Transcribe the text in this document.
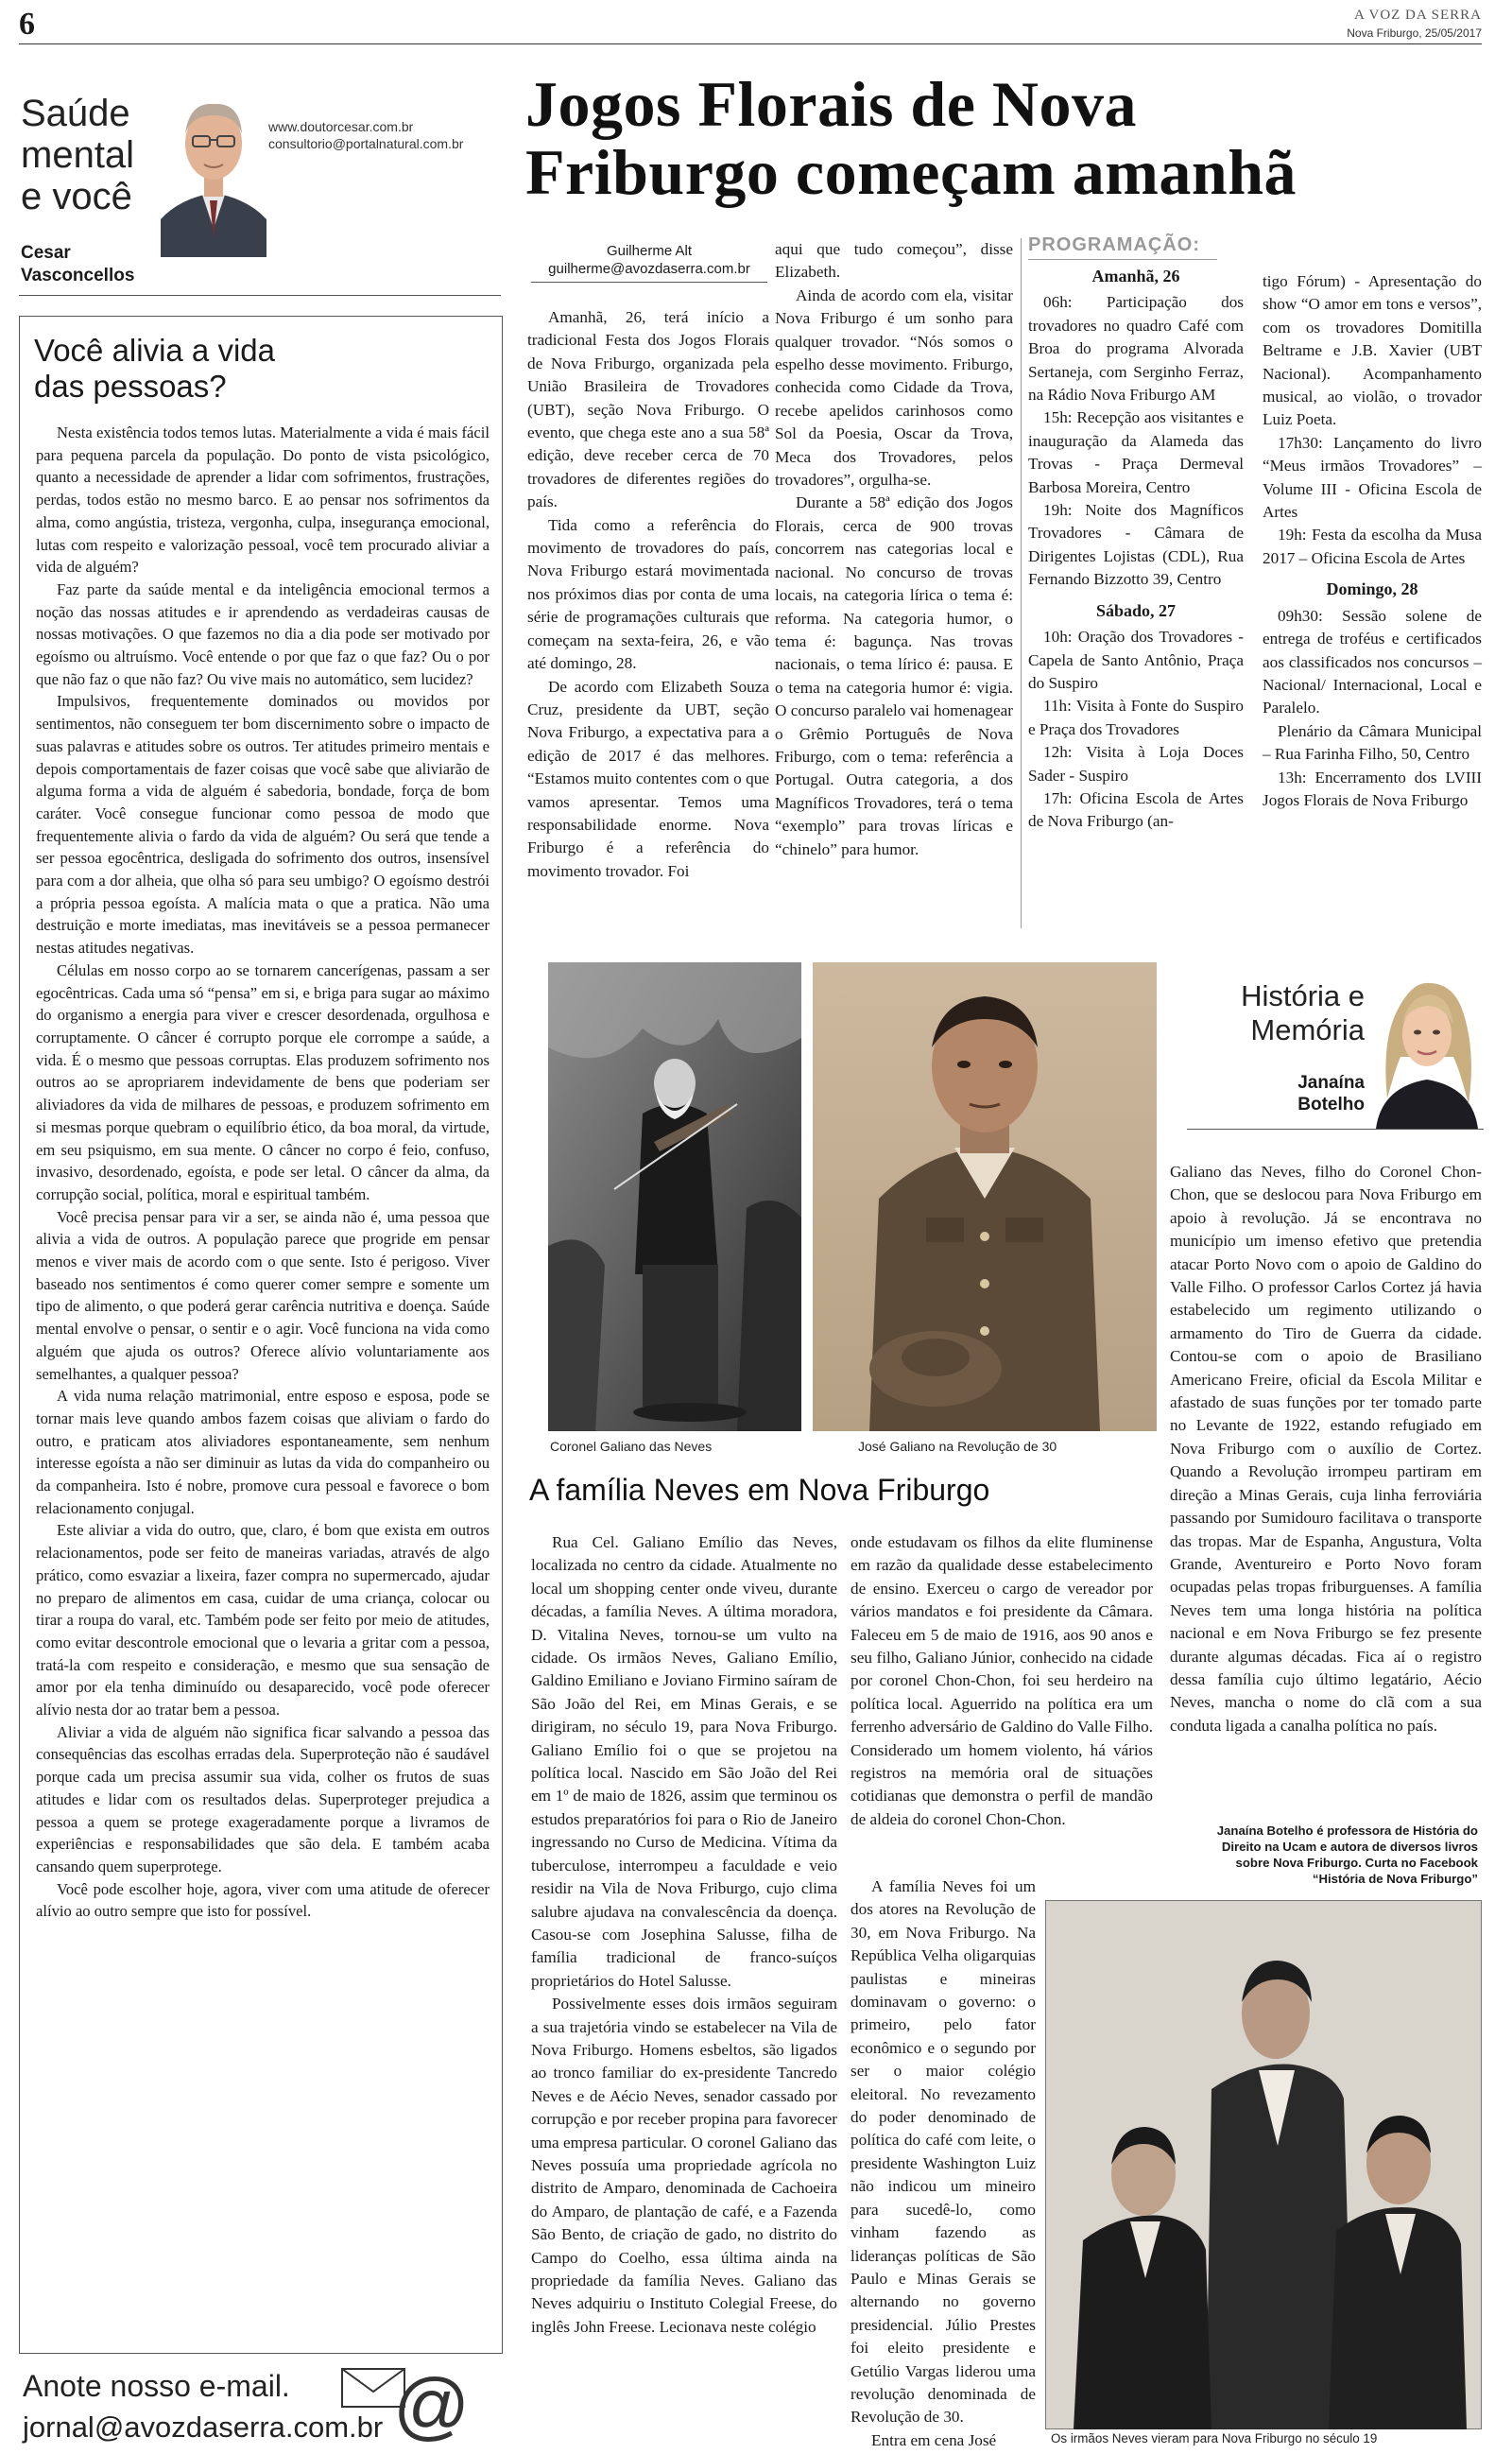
6	A VOZ DA SERRA
Nova Friburgo, 25/05/2017
Saúde
mental
e você
www.doutorcesar.com.br
consultorio@portalnatural.com.br
Cesar
Vasconcellos
Você alivia a vida
das pessoas?

Nesta existência todos temos lutas. Materialmente a vida é mais fácil para pequena parcela da população. Do ponto de vista psicológico, quanto a necessidade de aprender a lidar com sofrimentos, frustrações, perdas, todos estão no mesmo barco. E ao pensar nos sofrimentos da alma, como angústia, tristeza, vergonha, culpa, insegurança emocional, lutas com respeito e valorização pessoal, você tem procurado aliviar a vida de alguém?

Faz parte da saúde mental e da inteligência emocional termos a noção das nossas atitudes e ir aprendendo as verdadeiras causas de nossas motivações. O que fazemos no dia a dia pode ser motivado por egoísmo ou altruísmo. Você entende o por que faz o que faz? Ou o por que não faz o que não faz? Ou vive mais no automático, sem lucidez?

Impulsivos, frequentemente dominados ou movidos por sentimentos, não conseguem ter bom discernimento sobre o impacto de suas palavras e atitudes sobre os outros. Ter atitudes primeiro mentais e depois comportamentais de fazer coisas que você sabe que aliviarão de alguma forma a vida de alguém é sabedoria, bondade, força de bom caráter. Você consegue funcionar como pessoa de modo que frequentemente alivia o fardo da vida de alguém? Ou será que tende a ser pessoa egocêntrica, desligada do sofrimento dos outros, insensível para com a dor alheia, que olha só para seu umbigo? O egoísmo destrói a própria pessoa egoísta. A malícia mata o que a pratica. Não uma destruição e morte imediatas, mas inevitáveis se a pessoa permanecer nestas atitudes negativas.

Células em nosso corpo ao se tornarem cancerígenas, passam a ser egocêntricas. Cada uma só “pensa” em si, e briga para sugar ao máximo do organismo a energia para viver e crescer desordenada, orgulhosa e corruptamente. O câncer é corrupto porque ele corrompe a saúde, a vida. É o mesmo que pessoas corruptas. Elas produzem sofrimento nos outros ao se apropriarem indevidamente de bens que poderiam ser aliviadores da vida de milhares de pessoas, e produzem sofrimento em si mesmas porque quebram o equilíbrio ético, da boa moral, da virtude, em seu psiquismo, em sua mente. O câncer no corpo é feio, confuso, invasivo, desordenado, egoísta, e pode ser letal. O câncer da alma, da corrupção social, política, moral e espiritual também.

Você precisa pensar para vir a ser, se ainda não é, uma pessoa que alivia a vida de outros. A população parece que progride em pensar menos e viver mais de acordo com o que sente. Isto é perigoso. Viver baseado nos sentimentos é como querer comer sempre e somente um tipo de alimento, o que poderá gerar carência nutritiva e doença. Saúde mental envolve o pensar, o sentir e o agir. Você funciona na vida como alguém que ajuda os outros? Oferece alívio voluntariamente aos semelhantes, a qualquer pessoa?

A vida numa relação matrimonial, entre esposo e esposa, pode se tornar mais leve quando ambos fazem coisas que aliviam o fardo do outro, e praticam atos aliviadores espontaneamente, sem nenhum interesse egoísta a não ser diminuir as lutas da vida do companheiro ou da companheira. Isto é nobre, promove cura pessoal e favorece o bom relacionamento conjugal.

Este aliviar a vida do outro, que, claro, é bom que exista em outros relacionamentos, pode ser feito de maneiras variadas, através de algo prático, como esvaziar a lixeira, fazer compra no supermercado, ajudar no preparo de alimentos em casa, cuidar de uma criança, colocar ou tirar a roupa do varal, etc. Também pode ser feito por meio de atitudes, como evitar descontrole emocional que o levaria a gritar com a pessoa, tratá-la com respeito e consideração, e mesmo que sua sensação de amor por ela tenha diminuído ou desaparecido, você pode oferecer alívio nesta dor ao tratar bem a pessoa.

Aliviar a vida de alguém não significa ficar salvando a pessoa das consequências das escolhas erradas dela. Superproteção não é saudável porque cada um precisa assumir sua vida, colher os frutos de suas atitudes e lidar com os resultados delas. Superproteger prejudica a pessoa a quem se protege exageradamente porque a livramos de experiências e responsabilidades que são dela. E também acaba cansando quem superprotege.

Você pode escolher hoje, agora, viver com uma atitude de oferecer alívio ao outro sempre que isto for possível.

Anote nosso e-mail.
jornal@avozdaserra.com.br @
Jogos Florais de Nova
Friburgo começam amanhã
Guilherme Alt
guilherme@avozdaserra.com.br

Amanhã, 26, terá início a tradicional Festa dos Jogos Florais de Nova Friburgo, organizada pela União Brasileira de Trovadores (UBT), seção Nova Friburgo. O evento, que chega este ano a sua 58ª edição, deve receber cerca de 70 trovadores de diferentes regiões do país.

Tida como a referência do movimento de trovadores do país, Nova Friburgo estará movimentada nos próximos dias por conta de uma série de programações culturais que começam na sexta-feira, 26, e vão até domingo, 28.

De acordo com Elizabeth Souza Cruz, presidente da UBT, seção Nova Friburgo, a expectativa para a edição de 2017 é das melhores. “Estamos muito contentes com o que vamos apresentar. Temos uma responsabilidade enorme. Nova Friburgo é a referência do movimento trovador. Foi

aqui que tudo começou”, disse Elizabeth.

Ainda de acordo com ela, visitar Nova Friburgo é um sonho para qualquer trovador. “Nós somos o espelho desse movimento. Friburgo, conhecida como Cidade da Trova, recebe apelidos carinhosos como Sol da Poesia, Oscar da Trova, Meca dos Trovadores, pelos trovadores”, orgulha-se.

Durante a 58ª edição dos Jogos Florais, cerca de 900 trovas concorrem nas categorias local e nacional. No concurso de trovas locais, na categoria lírica o tema é: reforma. Na categoria humor, o tema é: bagunça. Nas trovas nacionais, o tema lírico é: pausa. E o tema na categoria humor é: vigia. O concurso paralelo vai homenagear o Grêmio Português de Nova Friburgo, com o tema: referência a Portugal. Outra categoria, a dos Magníficos Trovadores, terá o tema “exemplo” para trovas líricas e “chinelo” para humor.

PROGRAMAÇÃO:
Amanhã, 26

06h: Participação dos trovadores no quadro Café com Broa do programa Alvorada Sertaneja, com Serginho Ferraz, na Rádio Nova Friburgo AM

15h: Recepção aos visitantes e inauguração da Alameda das Trovas - Praça Dermeval Barbosa Moreira, Centro

19h: Noite dos Magníficos Trovadores - Câmara de Dirigentes Lojistas (CDL), Rua Fernando Bizzotto 39, Centro

Sábado, 27

10h: Oração dos Trovadores - Capela de Santo Antônio, Praça do Suspiro

11h: Visita à Fonte do Suspiro e Praça dos Trovadores

12h: Visita à Loja Doces Sader - Suspiro

17h: Oficina Escola de Artes de Nova Friburgo (an-

tigo Fórum) - Apresentação do show “O amor em tons e versos”, com os trovadores Domitilla Beltrame e J.B. Xavier (UBT Nacional). Acompanhamento musical, ao violão, o trovador Luiz Poeta.

17h30: Lançamento do livro “Meus irmãos Trovadores” – Volume III - Oficina Escola de Artes

19h: Festa da escolha da Musa 2017 – Oficina Escola de Artes

Domingo, 28

09h30: Sessão solene de entrega de troféus e certificados aos classificados nos concursos – Nacional/ Internacional, Local e Paralelo.

Plenário da Câmara Municipal – Rua Farinha Filho, 50, Centro

13h: Encerramento dos LVIII Jogos Florais de Nova Friburgo

História e
Memória
Janaína
Botelho
Coronel Galiano das Neves	José Galiano na Revolução de 30
A família Neves em Nova Friburgo

Rua Cel. Galiano Emílio das Neves, localizada no centro da cidade. Atualmente no local um shopping center onde viveu, durante décadas, a família Neves. A última moradora, D. Vitalina Neves, tornou-se um vulto na cidade. Os irmãos Neves, Galiano Emílio, Galdino Emiliano e Joviano Firmino saíram de São João del Rei, em Minas Gerais, e se dirigiram, no século 19, para Nova Friburgo. Galiano Emílio foi o que se projetou na política local. Nascido em São João del Rei em 1º de maio de 1826, assim que terminou os estudos preparatórios foi para o Rio de Janeiro ingressando no Curso de Medicina. Vítima da tuberculose, interrompeu a faculdade e veio residir na Vila de Nova Friburgo, cujo clima salubre ajudava na convalescência da doença. Casou-se com Josephina Salusse, filha de família tradicional de franco-suíços proprietários do Hotel Salusse.

Possivelmente esses dois irmãos seguiram a sua trajetória vindo se estabelecer na Vila de Nova Friburgo. Homens esbeltos, são ligados ao tronco familiar do ex-presidente Tancredo Neves e de Aécio Neves, senador cassado por corrupção e por receber propina para favorecer uma empresa particular. O coronel Galiano das Neves possuía uma propriedade agrícola no distrito de Amparo, denominada de Cachoeira do Amparo, de plantação de café, e a Fazenda São Bento, de criação de gado, no distrito do Campo do Coelho, essa última ainda na propriedade da família Neves. Galiano das Neves adquiriu o Instituto Colegial Freese, do inglês John Freese. Lecionava neste colégio

onde estudavam os filhos da elite fluminense em razão da qualidade desse estabelecimento de ensino. Exerceu o cargo de vereador por vários mandatos e foi presidente da Câmara. Faleceu em 5 de maio de 1916, aos 90 anos e seu filho, Galiano Júnior, conhecido na cidade por coronel Chon-Chon, foi seu herdeiro na política local. Aguerrido na política era um ferrenho adversário de Galdino do Valle Filho. Considerado um homem violento, há vários registros na memória oral de situações cotidianas que demonstra o perfil de mandão de aldeia do coronel Chon-Chon.

A família Neves foi um dos atores na Revolução de 30, em Nova Friburgo. Na República Velha oligarquias paulistas e mineiras dominavam o governo: o primeiro, pelo fator econômico e o segundo por ser o maior colégio eleitoral. No revezamento do poder denominado de política do café com leite, o presidente Washington Luiz não indicou um mineiro para sucedê-lo, como vinham fazendo as lideranças políticas de São Paulo e Minas Gerais se alternando no governo presidencial. Júlio Prestes foi eleito presidente e Getúlio Vargas liderou uma revolução denominada de Revolução de 30.

Entra em cena José

Galiano das Neves, filho do Coronel Chon-Chon, que se deslocou para Nova Friburgo em apoio à revolução. Já se encontrava no município um imenso efetivo que pretendia atacar Porto Novo com o apoio de Galdino do Valle Filho. O professor Carlos Cortez já havia estabelecido um regimento utilizando o armamento do Tiro de Guerra da cidade. Contou-se com o apoio de Brasiliano Americano Freire, oficial da Escola Militar e afastado de suas funções por ter tomado parte no Levante de 1922, estando refugiado em Nova Friburgo com o auxílio de Cortez. Quando a Revolução irrompeu partiram em direção a Minas Gerais, cuja linha ferroviária passando por Sumidouro facilitava o transporte das tropas. Mar de Espanha, Angustura, Volta Grande, Aventureiro e Porto Novo foram ocupadas pelas tropas friburguenses. A família Neves tem uma longa história na política nacional e em Nova Friburgo se fez presente durante algumas décadas. Fica aí o registro dessa família cujo último legatário, Aécio Neves, mancha o nome do clã com a sua conduta ligada a canalha política no país.

Janaína Botelho é professora de História do Direito na Ucam e autora de diversos livros sobre Nova Friburgo. Curta no Facebook “História de Nova Friburgo”
Os irmãos Neves vieram para Nova Friburgo no século 19
